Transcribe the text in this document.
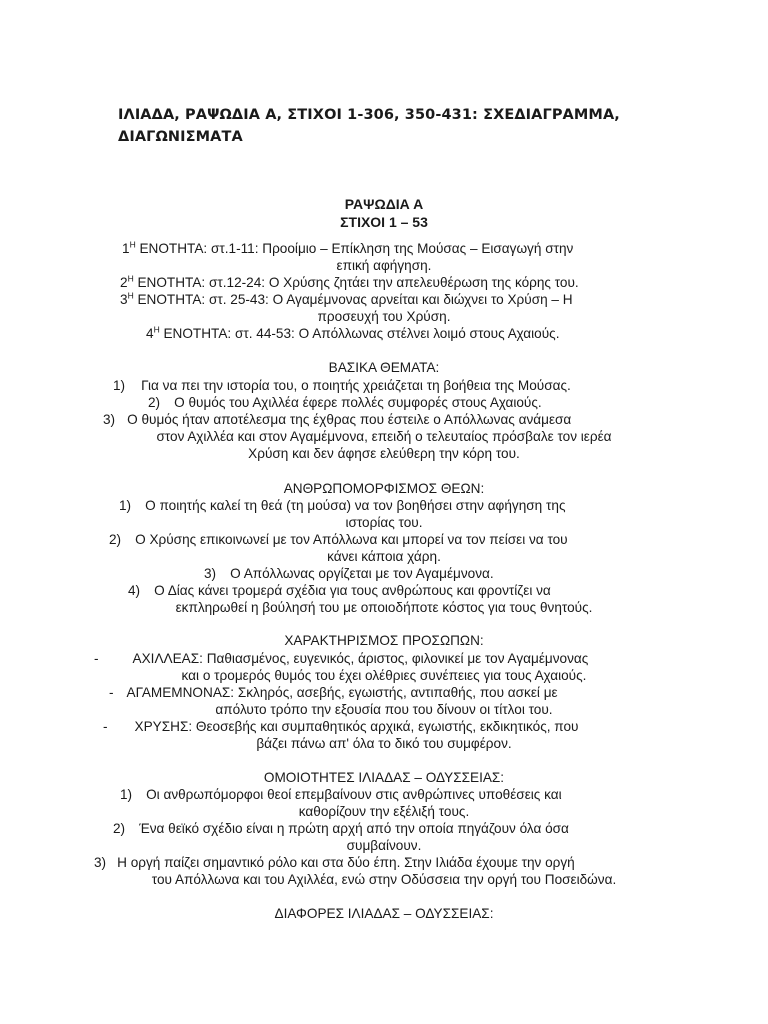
ΙΛΙΑΔΑ, ΡΑΨΩΔΙΑ Α, ΣΤΙΧΟΙ 1-306, 350-431: ΣΧΕΔΙΑΓΡΑΜΜΑ,
ΔΙΑΓΩΝΙΣΜΑΤΑ
ΡΑΨΩΔΙΑ Α
ΣΤΙΧΟΙ 1 – 53
$1^H$ ΕΝΟΤΗΤΑ: στ.1-11: Προοίμιο – Επίκληση της Μούσας – Εισαγωγή στην
επική αφήγηση.
$2^H$ ΕΝΟΤΗΤΑ: στ.12-24: Ο Χρύσης ζητάει την απελευθέρωση της κόρης του.
$3^H$ ΕΝΟΤΗΤΑ: στ. 25-43: Ο Αγαμέμνονας αρνείται και διώχνει το Χρύση – Η
προσευχή του Χρύση.
$4^H$ ΕΝΟΤΗΤΑ: στ. 44-53: Ο Απόλλωνας στέλνει λοιμό στους Αχαιούς.
ΒΑΣΙΚΑ ΘΕΜΑΤΑ:
1) Για να πει την ιστορία του, ο ποιητής χρειάζεται τη βοήθεια της Μούσας.
2) Ο θυμός του Αχιλλέα έφερε πολλές συμφορές στους Αχαιούς.
3) Ο θυμός ήταν αποτέλεσμα της έχθρας που έστειλε ο Απόλλωνας ανάμεσα
στον Αχιλλέα και στον Αγαμέμνονα, επειδή ο τελευταίος πρόσβαλε τον ιερέα
Χρύση και δεν άφησε ελεύθερη την κόρη του.
ΑΝΘΡΩΠΟΜΟΡΦΙΣΜΟΣ ΘΕΩΝ:
1) Ο ποιητής καλεί τη θεά (τη μούσα) να τον βοηθήσει στην αφήγηση της
ιστορίας του.
2) Ο Χρύσης επικοινωνεί με τον Απόλλωνα και μπορεί να τον πείσει να του
κάνει κάποια χάρη.
3) Ο Απόλλωνας οργίζεται με τον Αγαμέμνονα.
4) Ο Δίας κάνει τρομερά σχέδια για τους ανθρώπους και φροντίζει να
εκπληρωθεί η βούλησή του με οποιοδήποτε κόστος για τους θνητούς.
ΧΑΡΑΚΤΗΡΙΣΜΟΣ ΠΡΟΣΩΠΩΝ:
-	ΑΧΙΛΛΕΑΣ: Παθιασμένος, ευγενικός, άριστος, φιλονικεί με τον Αγαμέμνονας
και ο τρομερός θυμός του έχει ολέθριες συνέπειες για τους Αχαιούς.
- ΑΓΑΜΕΜΝΟΝΑΣ: Σκληρός, ασεβής, εγωιστής, αντιπαθής, που ασκεί με
απόλυτο τρόπο την εξουσία που του δίνουν οι τίτλοι του.
- ΧΡΥΣΗΣ: Θεοσεβής και συμπαθητικός αρχικά, εγωιστής, εκδικητικός, που
βάζει πάνω απ' όλα το δικό του συμφέρον.
ΟΜΟΙΟΤΗΤΕΣ ΙΛΙΑΔΑΣ – ΟΔΥΣΣΕΙΑΣ:
1) Οι ανθρωπόμορφοι θεοί επεμβαίνουν στις ανθρώπινες υποθέσεις και
καθορίζουν την εξέλιξή τους.
2) Ένα θεϊκό σχέδιο είναι η πρώτη αρχή από την οποία πηγάζουν όλα όσα
συμβαίνουν.
3) Η οργή παίζει σημαντικό ρόλο και στα δύο έπη. Στην Ιλιάδα έχουμε την οργή
του Απόλλωνα και του Αχιλλέα, ενώ στην Οδύσσεια την οργή του Ποσειδώνα.
ΔΙΑΦΟΡΕΣ ΙΛΙΑΔΑΣ – ΟΔΥΣΣΕΙΑΣ:
